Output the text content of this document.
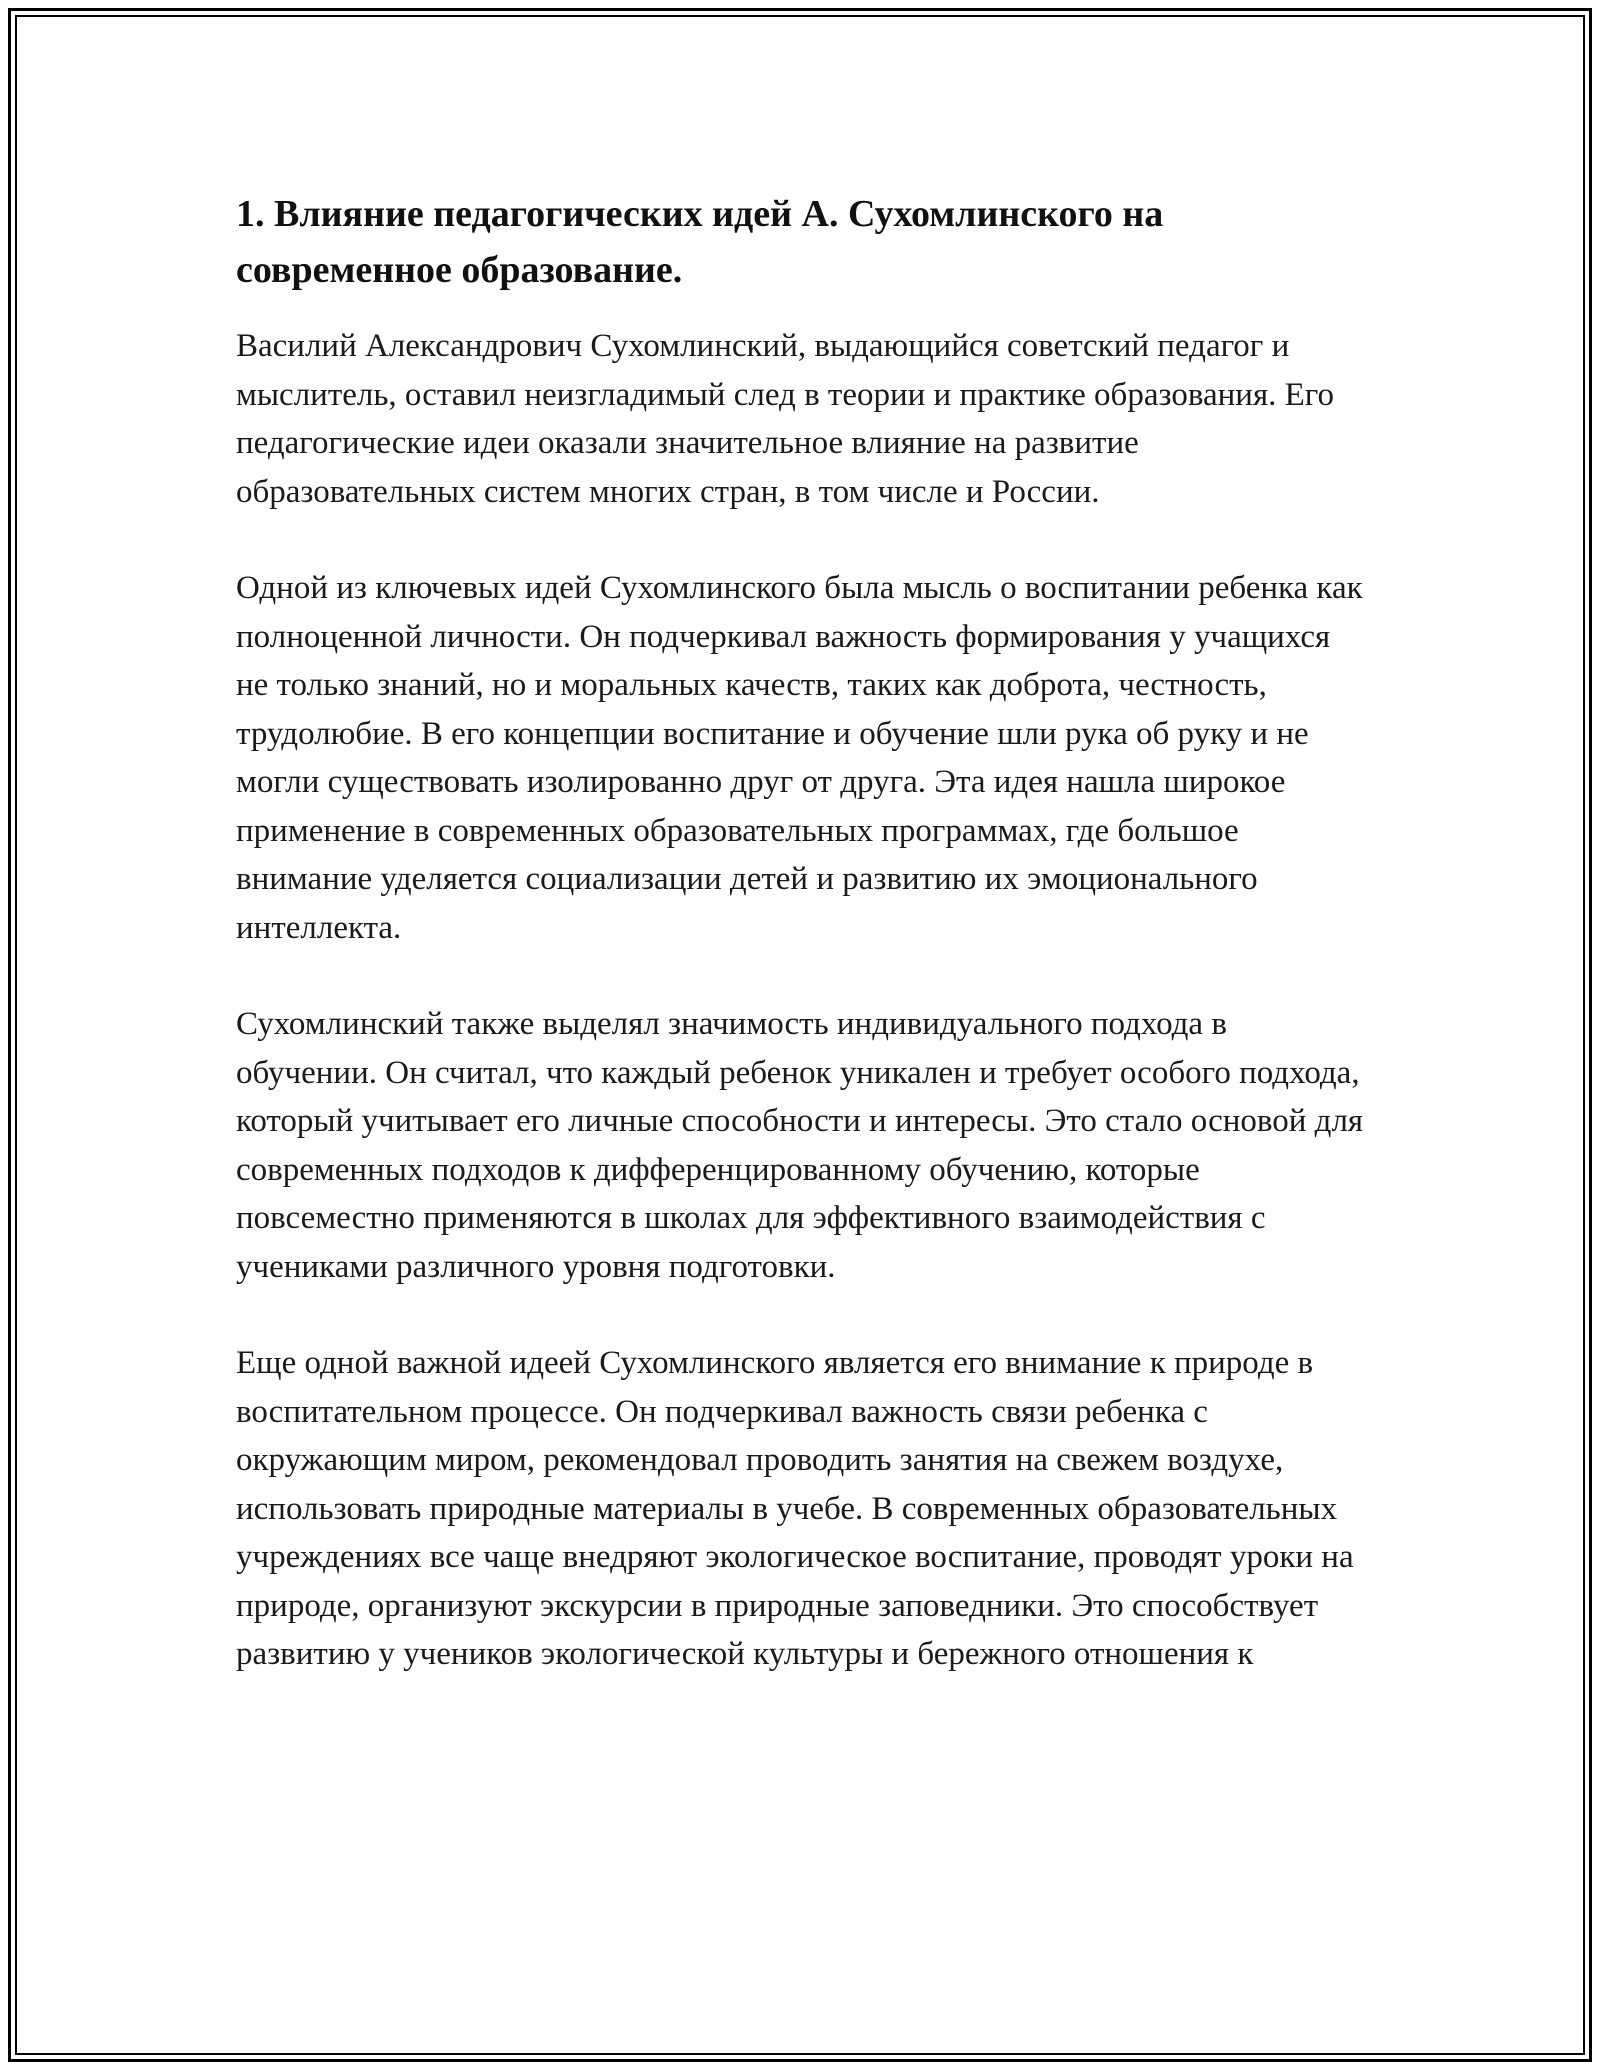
1. Влияние педагогических идей А. Сухомлинского на современное образование.

Василий Александрович Сухомлинский, выдающийся советский педагог и мыслитель, оставил неизгладимый след в теории и практике образования. Его педагогические идеи оказали значительное влияние на развитие образовательных систем многих стран, в том числе и России.

Одной из ключевых идей Сухомлинского была мысль о воспитании ребенка как полноценной личности. Он подчеркивал важность формирования у учащихся не только знаний, но и моральных качеств, таких как доброта, честность, трудолюбие. В его концепции воспитание и обучение шли рука об руку и не могли существовать изолированно друг от друга. Эта идея нашла широкое применение в современных образовательных программах, где большое внимание уделяется социализации детей и развитию их эмоционального интеллекта.

Сухомлинский также выделял значимость индивидуального подхода в обучении. Он считал, что каждый ребенок уникален и требует особого подхода, который учитывает его личные способности и интересы. Это стало основой для современных подходов к дифференцированному обучению, которые повсеместно применяются в школах для эффективного взаимодействия с учениками различного уровня подготовки.

Еще одной важной идеей Сухомлинского является его внимание к природе в воспитательном процессе. Он подчеркивал важность связи ребенка с окружающим миром, рекомендовал проводить занятия на свежем воздухе, использовать природные материалы в учебе. В современных образовательных учреждениях все чаще внедряют экологическое воспитание, проводят уроки на природе, организуют экскурсии в природные заповедники. Это способствует развитию у учеников экологической культуры и бережного отношения к
